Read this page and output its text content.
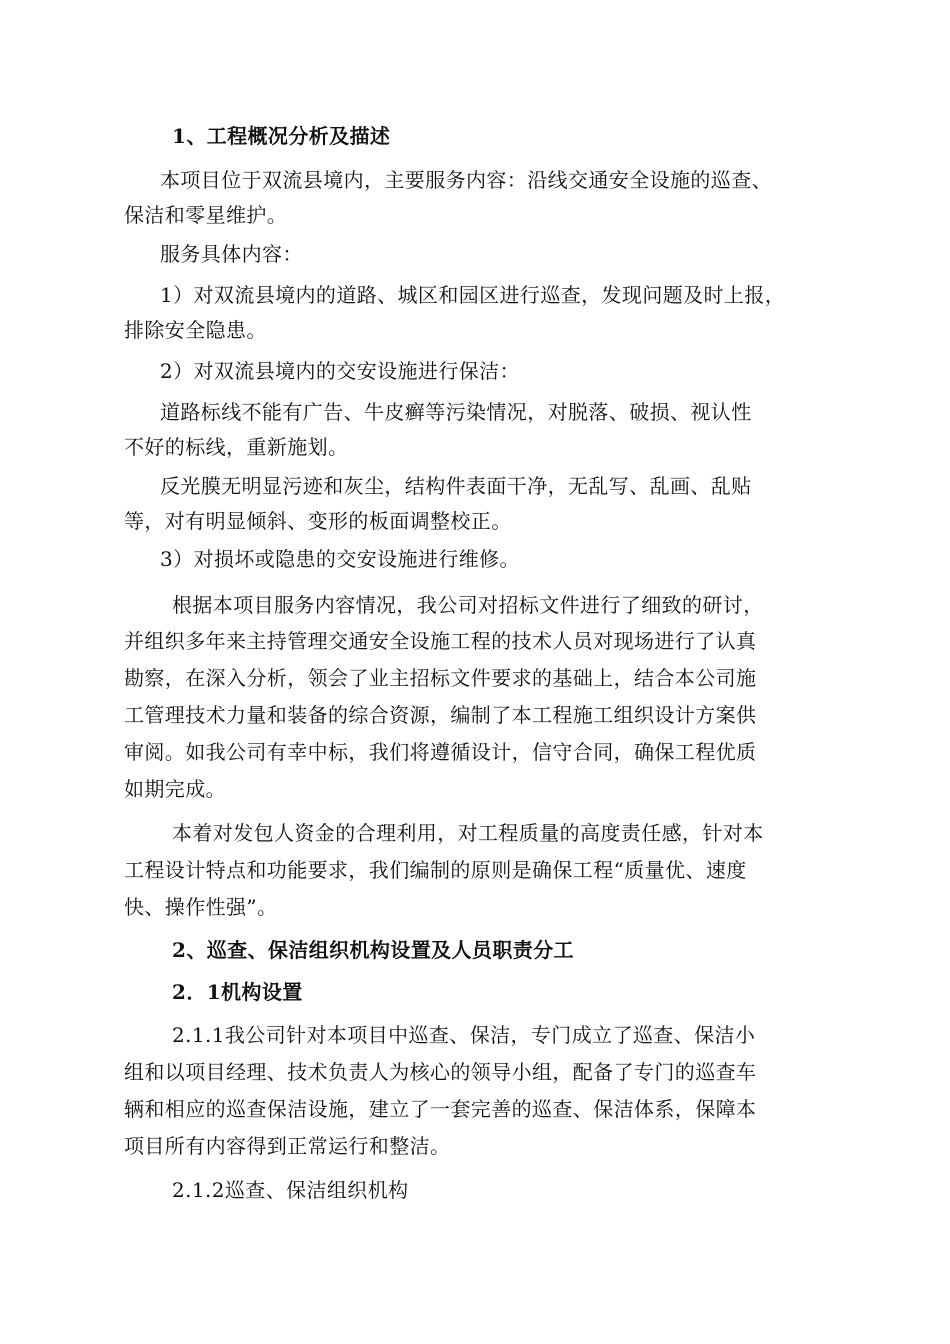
1、工程概况分析及描述
本项目位于双流县境内，主要服务内容：沿线交通安全设施的巡查、
保洁和零星维护。
服务具体内容：
1）对双流县境内的道路、城区和园区进行巡查，发现问题及时上报，
排除安全隐患。
2）对双流县境内的交安设施进行保洁：
道路标线不能有广告、牛皮癣等污染情况，对脱落、破损、视认性
不好的标线，重新施划。
反光膜无明显污迹和灰尘，结构件表面干净，无乱写、乱画、乱贴
等，对有明显倾斜、变形的板面调整校正。
3）对损坏或隐患的交安设施进行维修。
根据本项目服务内容情况，我公司对招标文件进行了细致的研讨，
并组织多年来主持管理交通安全设施工程的技术人员对现场进行了认真
勘察，在深入分析，领会了业主招标文件要求的基础上，结合本公司施
工管理技术力量和装备的综合资源，编制了本工程施工组织设计方案供
审阅。如我公司有幸中标，我们将遵循设计，信守合同，确保工程优质
如期完成。
本着对发包人资金的合理利用，对工程质量的高度责任感，针对本
工程设计特点和功能要求，我们编制的原则是确保工程“质量优、速度
快、操作性强”。
2、巡查、保洁组织机构设置及人员职责分工
2．1机构设置
2.1.1我公司针对本项目中巡查、保洁，专门成立了巡查、保洁小
组和以项目经理、技术负责人为核心的领导小组，配备了专门的巡查车
辆和相应的巡查保洁设施，建立了一套完善的巡查、保洁体系，保障本
项目所有内容得到正常运行和整洁。
2.1.2巡查、保洁组织机构
